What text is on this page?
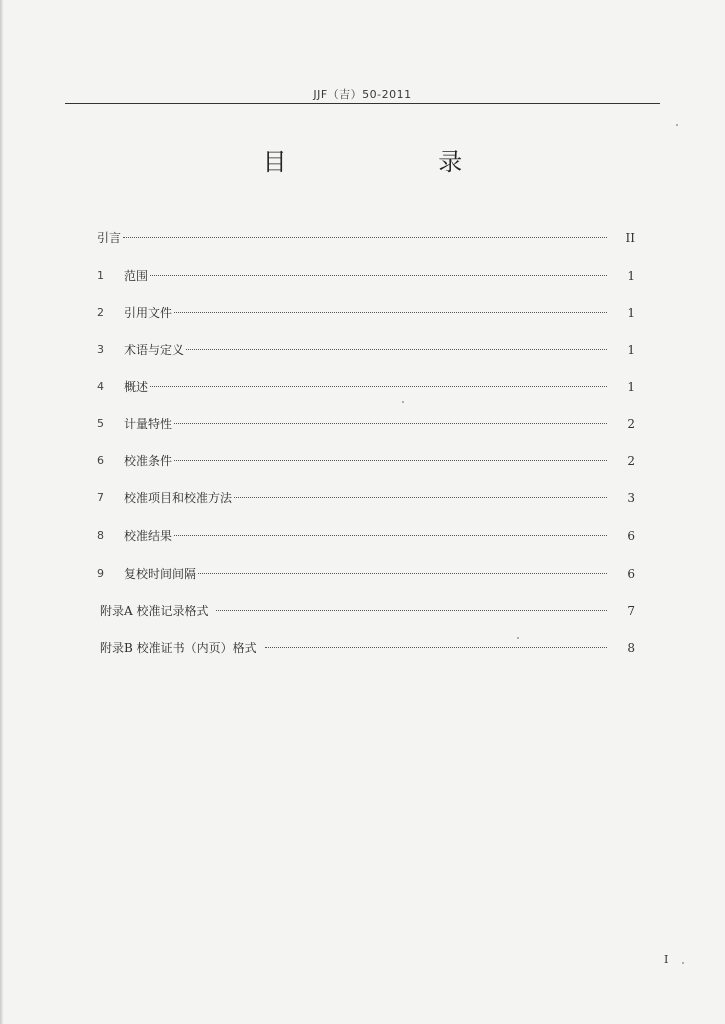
JJF（吉）50-2011
目 录
引言	II
1	范围	1
2	引用文件	1
3	术语与定义	1
4	概述	1
5	计量特性	2
6	校准条件	2
7	校准项目和校准方法	3
8	校准结果	6
9	复校时间间隔	6
附录A 校准记录格式	7
附录B 校准证书（内页）格式	8
I
